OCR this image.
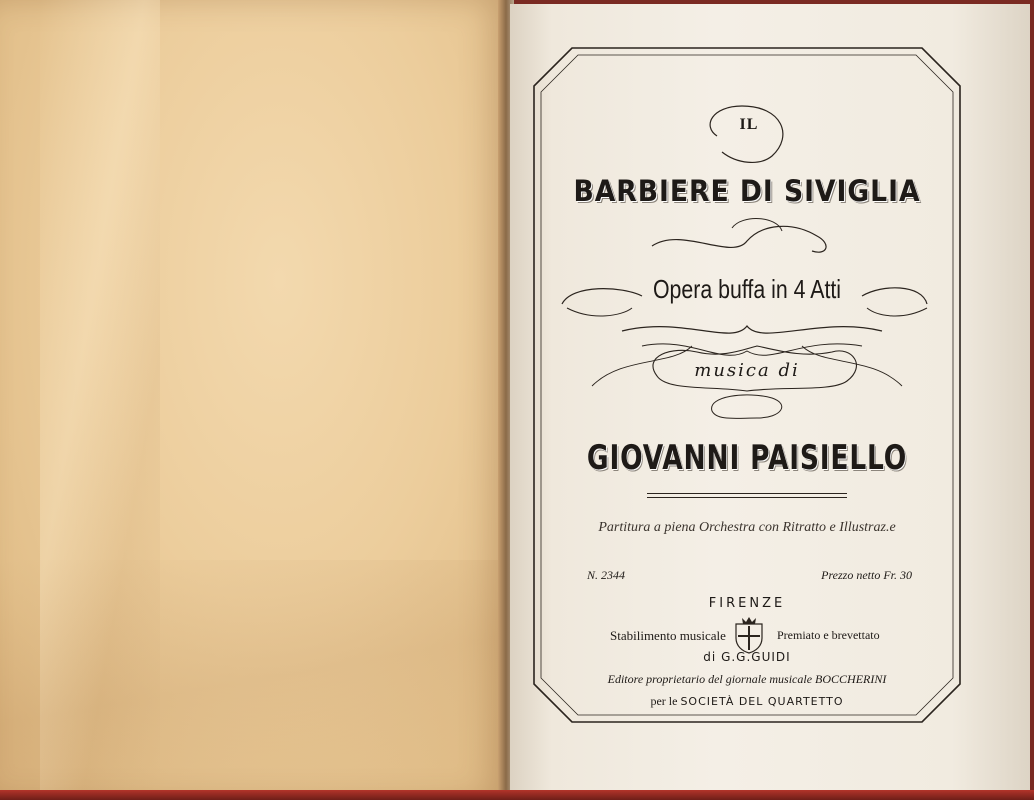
IL
BARBIERE DI SIVIGLIA
Opera buffa in 4 Atti
musica di
GIOVANNI PAISIELLO
Partitura a piena Orchestra con Ritratto e Illustraz.e
N. 2344	Prezzo netto Fr. 30
FIRENZE
Stabilimento musicale	Premiato e brevettato
di G.G.GUIDI
Editore proprietario del giornale musicale BOCCHERINI
per le SOCIETÀ DEL QUARTETTO
